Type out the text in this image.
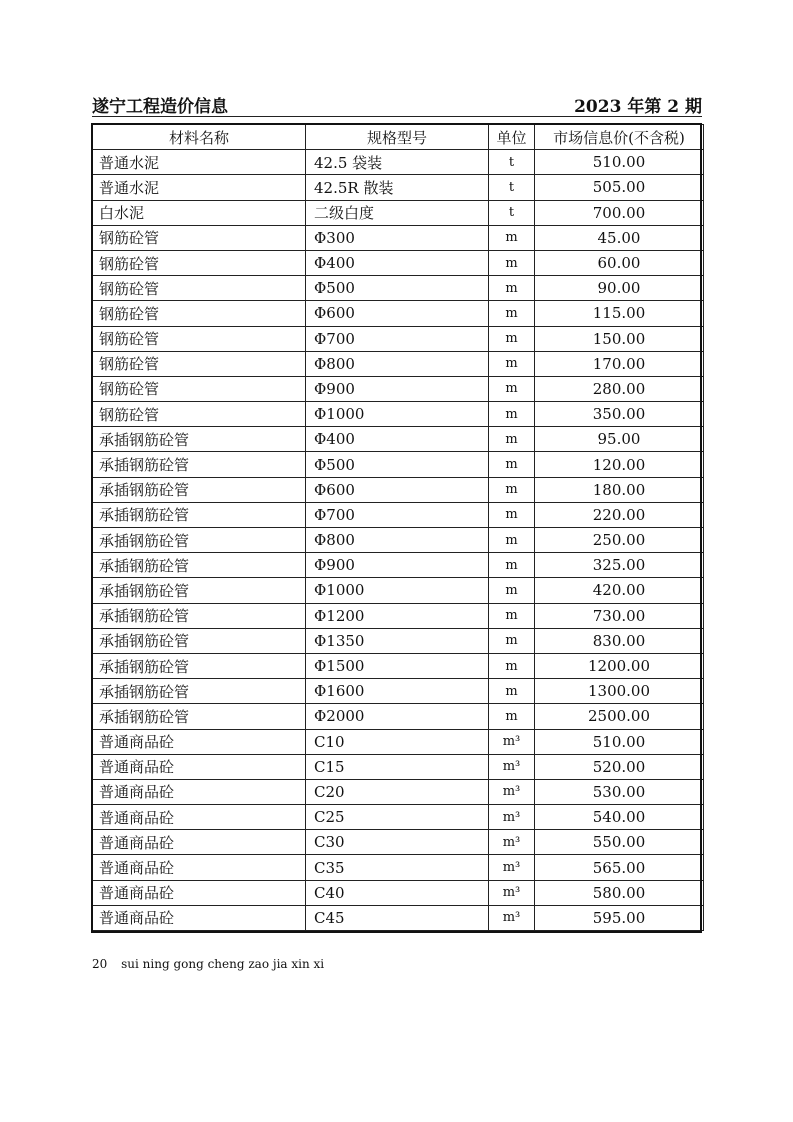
遂宁工程造价信息	2023 年第 2 期
材料名称	规格型号	单位	市场信息价(不含税)
普通水泥	42.5 袋装	t	510.00
普通水泥	42.5R 散装	t	505.00
白水泥	二级白度	t	700.00
钢筋砼管	Φ300	m	45.00
钢筋砼管	Φ400	m	60.00
钢筋砼管	Φ500	m	90.00
钢筋砼管	Φ600	m	115.00
钢筋砼管	Φ700	m	150.00
钢筋砼管	Φ800	m	170.00
钢筋砼管	Φ900	m	280.00
钢筋砼管	Φ1000	m	350.00
承插钢筋砼管	Φ400	m	95.00
承插钢筋砼管	Φ500	m	120.00
承插钢筋砼管	Φ600	m	180.00
承插钢筋砼管	Φ700	m	220.00
承插钢筋砼管	Φ800	m	250.00
承插钢筋砼管	Φ900	m	325.00
承插钢筋砼管	Φ1000	m	420.00
承插钢筋砼管	Φ1200	m	730.00
承插钢筋砼管	Φ1350	m	830.00
承插钢筋砼管	Φ1500	m	1200.00
承插钢筋砼管	Φ1600	m	1300.00
承插钢筋砼管	Φ2000	m	2500.00
普通商品砼	C10	m³	510.00
普通商品砼	C15	m³	520.00
普通商品砼	C20	m³	530.00
普通商品砼	C25	m³	540.00
普通商品砼	C30	m³	550.00
普通商品砼	C35	m³	565.00
普通商品砼	C40	m³	580.00
普通商品砼	C45	m³	595.00
20 sui ning gong cheng zao jia xin xi
